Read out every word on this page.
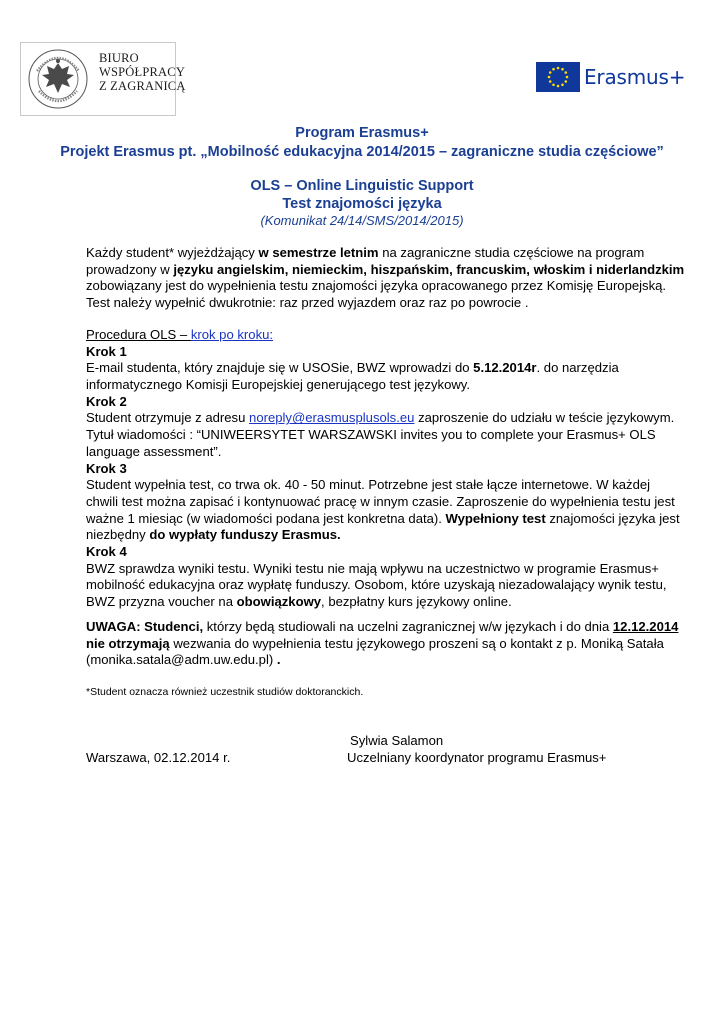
BIURO
WSPÓŁPRACY
Z ZAGRANICĄ	Erasmus+
Program Erasmus+
Projekt Erasmus pt. „Mobilność edukacyjna 2014/2015 – zagraniczne studia częściowe”
OLS – Online Linguistic Support
Test znajomości języka
(Komunikat 24/14/SMS/2014/2015)
Każdy student* wyjeżdżający w semestrze letnim na zagraniczne studia częściowe na program
prowadzony w języku angielskim, niemieckim, hiszpańskim, francuskim, włoskim i niderlandzkim
zobowiązany jest do wypełnienia testu znajomości języka opracowanego przez Komisję Europejską.
Test należy wypełnić dwukrotnie: raz przed wyjazdem oraz raz po powrocie .
Procedura OLS – krok po kroku:
Krok 1
E-mail studenta, który znajduje się w USOSie, BWZ wprowadzi do 5.12.2014r. do narzędzia
informatycznego Komisji Europejskiej generującego test językowy.
Krok 2
Student otrzymuje z adresu noreply@erasmusplusols.eu zaproszenie do udziału w teście językowym.
Tytuł wiadomości : “UNIWEERSYTET WARSZAWSKI invites you to complete your Erasmus+ OLS
language assessment”.
Krok 3
Student wypełnia test, co trwa ok. 40 - 50 minut. Potrzebne jest stałe łącze internetowe. W każdej
chwili test można zapisać i kontynuować pracę w innym czasie. Zaproszenie do wypełnienia testu jest
ważne 1 miesiąc (w wiadomości podana jest konkretna data). Wypełniony test znajomości języka jest
niezbędny do wypłaty funduszy Erasmus.
Krok 4
BWZ sprawdza wyniki testu. Wyniki testu nie mają wpływu na uczestnictwo w programie Erasmus+
mobilność edukacyjna oraz wypłatę funduszy. Osobom, które uzyskają niezadowalający wynik testu,
BWZ przyzna voucher na obowiązkowy, bezpłatny kurs językowy online.
UWAGA: Studenci, którzy będą studiowali na uczelni zagranicznej w/w językach i do dnia 12.12.2014
nie otrzymają wezwania do wypełnienia testu językowego proszeni są o kontakt z p. Moniką Satała
(monika.satala@adm.uw.edu.pl) .
*Student oznacza również uczestnik studiów doktoranckich.
Sylwia Salamon
Warszawa, 02.12.2014 r.	Uczelniany koordynator programu Erasmus+
